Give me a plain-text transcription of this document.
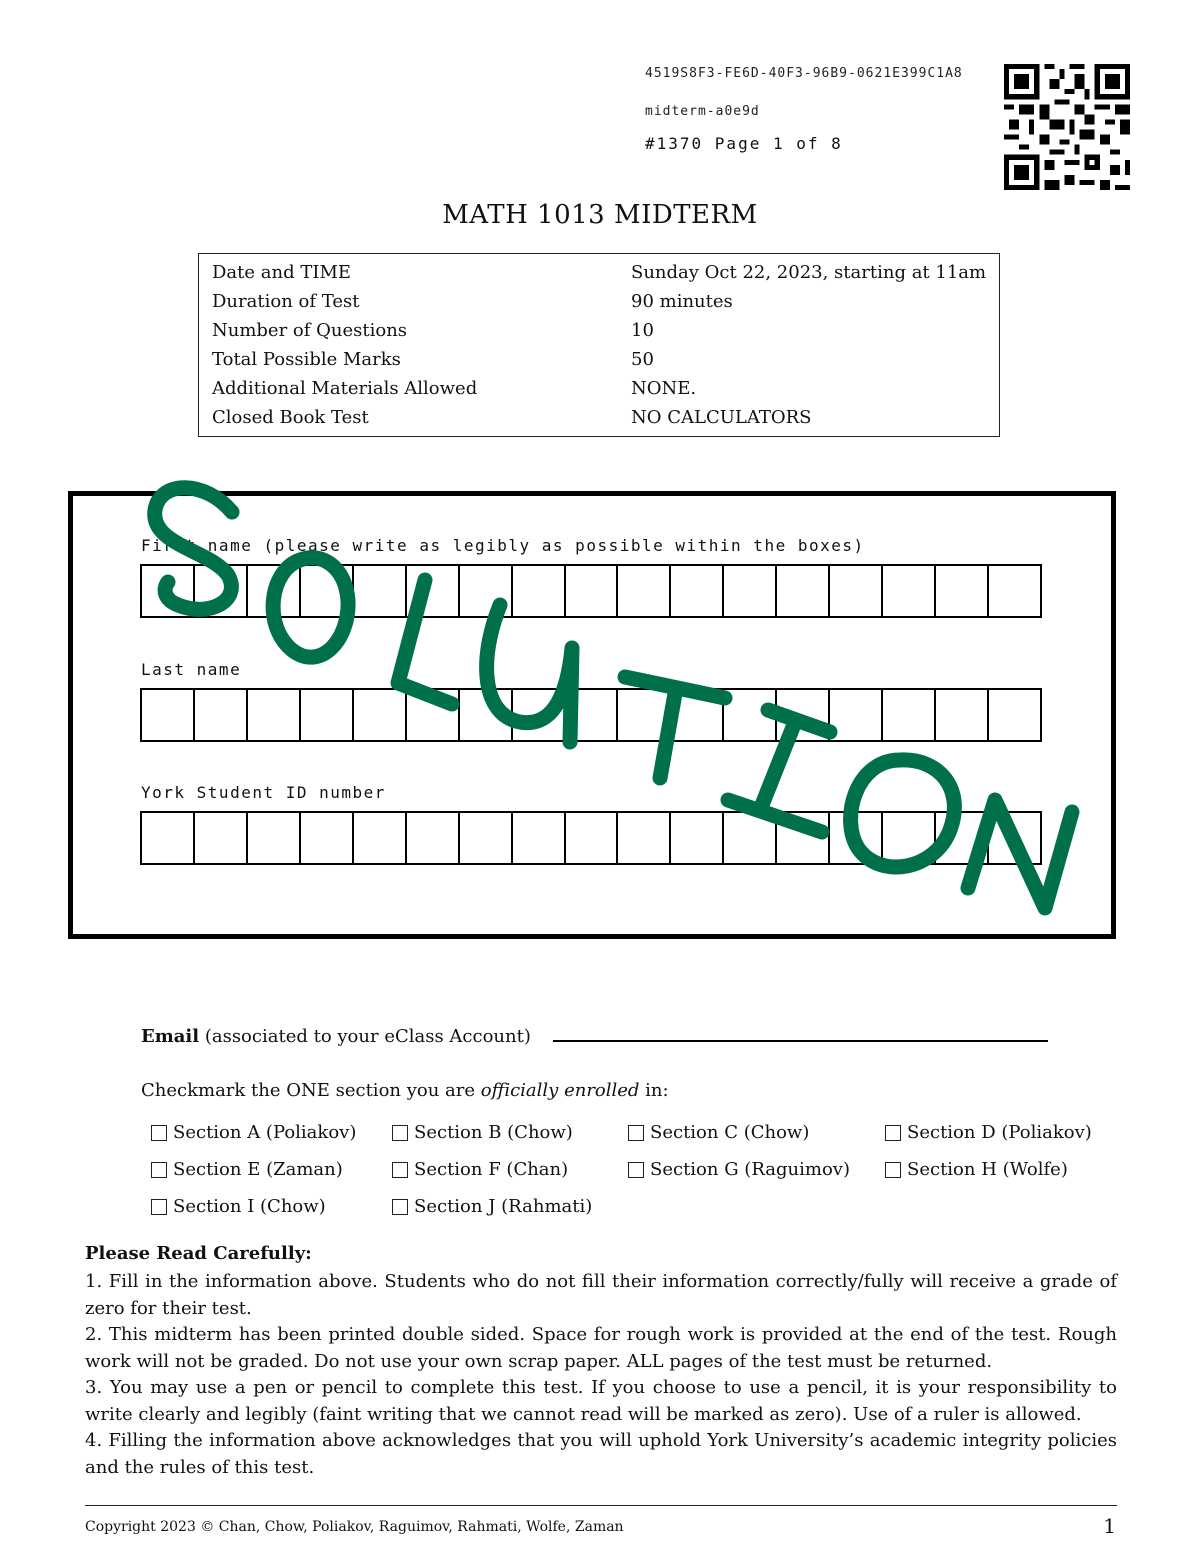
4519S8F3-FE6D-40F3-96B9-0621E399C1A8
midterm-a0e9d
#1370 Page 1 of 8
MATH 1013 MIDTERM
Date and TIME	Sunday Oct 22, 2023, starting at 11am
Duration of Test	90 minutes
Number of Questions	10
Total Possible Marks	50
Additional Materials Allowed	NONE.
Closed Book Test	NO CALCULATORS
First name (please write as legibly as possible within the boxes)
Last name
York Student ID number
Email (associated to your eClass Account)
Checkmark the ONE section you are officially enrolled in:
Section A (Poliakov)	Section B (Chow)	Section C (Chow)	Section D (Poliakov)
Section E (Zaman)	Section F (Chan)	Section G (Raguimov)	Section H (Wolfe)
Section I (Chow)	Section J (Rahmati)
Please Read Carefully:
1. Fill in the information above. Students who do not fill their information correctly/fully will receive a grade of zero for their test.
2. This midterm has been printed double sided. Space for rough work is provided at the end of the test. Rough work will not be graded. Do not use your own scrap paper. ALL pages of the test must be returned.
3. You may use a pen or pencil to complete this test. If you choose to use a pencil, it is your responsibility to write clearly and legibly (faint writing that we cannot read will be marked as zero). Use of a ruler is allowed.
4. Filling the information above acknowledges that you will uphold York University’s academic integrity policies and the rules of this test.
Copyright 2023 © Chan, Chow, Poliakov, Raguimov, Rahmati, Wolfe, Zaman	1
